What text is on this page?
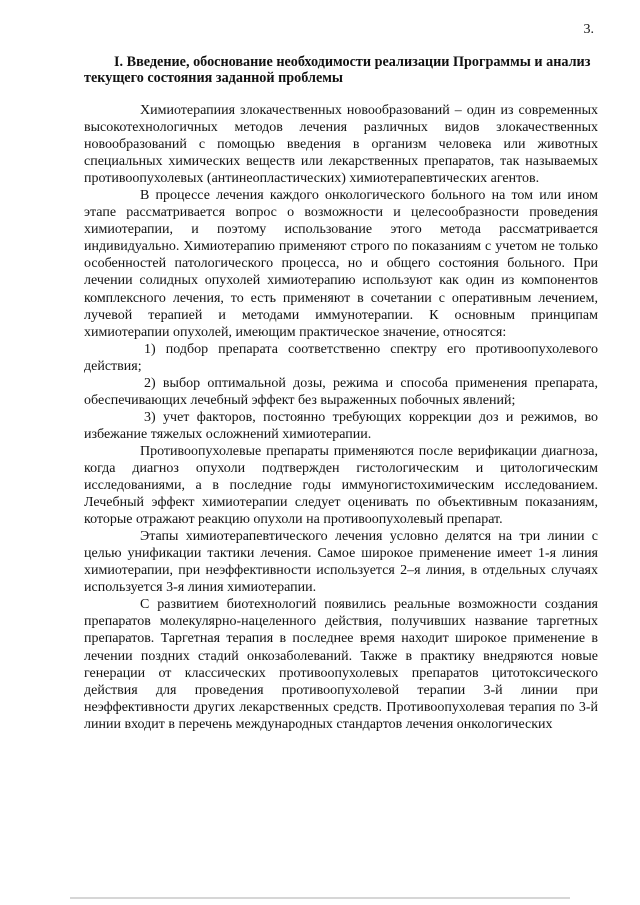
3.

I. Введение, обоснование необходимости реализации Программы и анализ текущего состояния заданной проблемы

Химиотерапиия злокачественных новообразований – один из современных высокотехнологичных методов лечения различных видов злокачественных новообразований с помощью введения в организм человека или животных специальных химических веществ или лекарственных препаратов, так называемых противоопухолевых (антинеопластических) химиотерапевтических агентов.

В процессе лечения каждого онкологического больного на том или ином этапе рассматривается вопрос о возможности и целесообразности проведения химиотерапии, и поэтому использование этого метода рассматривается индивидуально. Химиотерапию применяют строго по показаниям с учетом не только особенностей патологического процесса, но и общего состояния больного. При лечении солидных опухолей химиотерапию используют как один из компонентов комплексного лечения, то есть применяют в сочетании с оперативным лечением, лучевой терапией и методами иммунотерапии. К основным принципам химиотерапии опухолей, имеющим практическое значение, относятся:

1) подбор препарата соответственно спектру его противоопухолевого действия;

2) выбор оптимальной дозы, режима и способа применения препарата, обеспечивающих лечебный эффект без выраженных побочных явлений;

3) учет факторов, постоянно требующих коррекции доз и режимов, во избежание тяжелых осложнений химиотерапии.

Противоопухолевые препараты применяются после верификации диагноза, когда диагноз опухоли подтвержден гистологическим и цитологическим исследованиями, а в последние годы иммуногистохимическим исследованием. Лечебный эффект химиотерапии следует оценивать по объективным показаниям, которые отражают реакцию опухоли на противоопухолевый препарат.

Этапы химиотерапевтического лечения условно делятся на три линии с целью унификации тактики лечения. Самое широкое применение имеет 1-я линия химиотерапии, при неэффективности используется 2–я линия, в отдельных случаях используется 3-я линия химиотерапии.

С развитием биотехнологий появились реальные возможности создания препаратов молекулярно-нацеленного действия, получивших название таргетных препаратов. Таргетная терапия в последнее время находит широкое применение в лечении поздних стадий онкозаболеваний. Также в практику внедряются новые генерации от классических противоопухолевых препаратов цитотоксического действия для проведения противоопухолевой терапии 3-й линии при неэффективности других лекарственных средств. Противоопухолевая терапия по 3-й линии входит в перечень международных стандартов лечения онкологических
